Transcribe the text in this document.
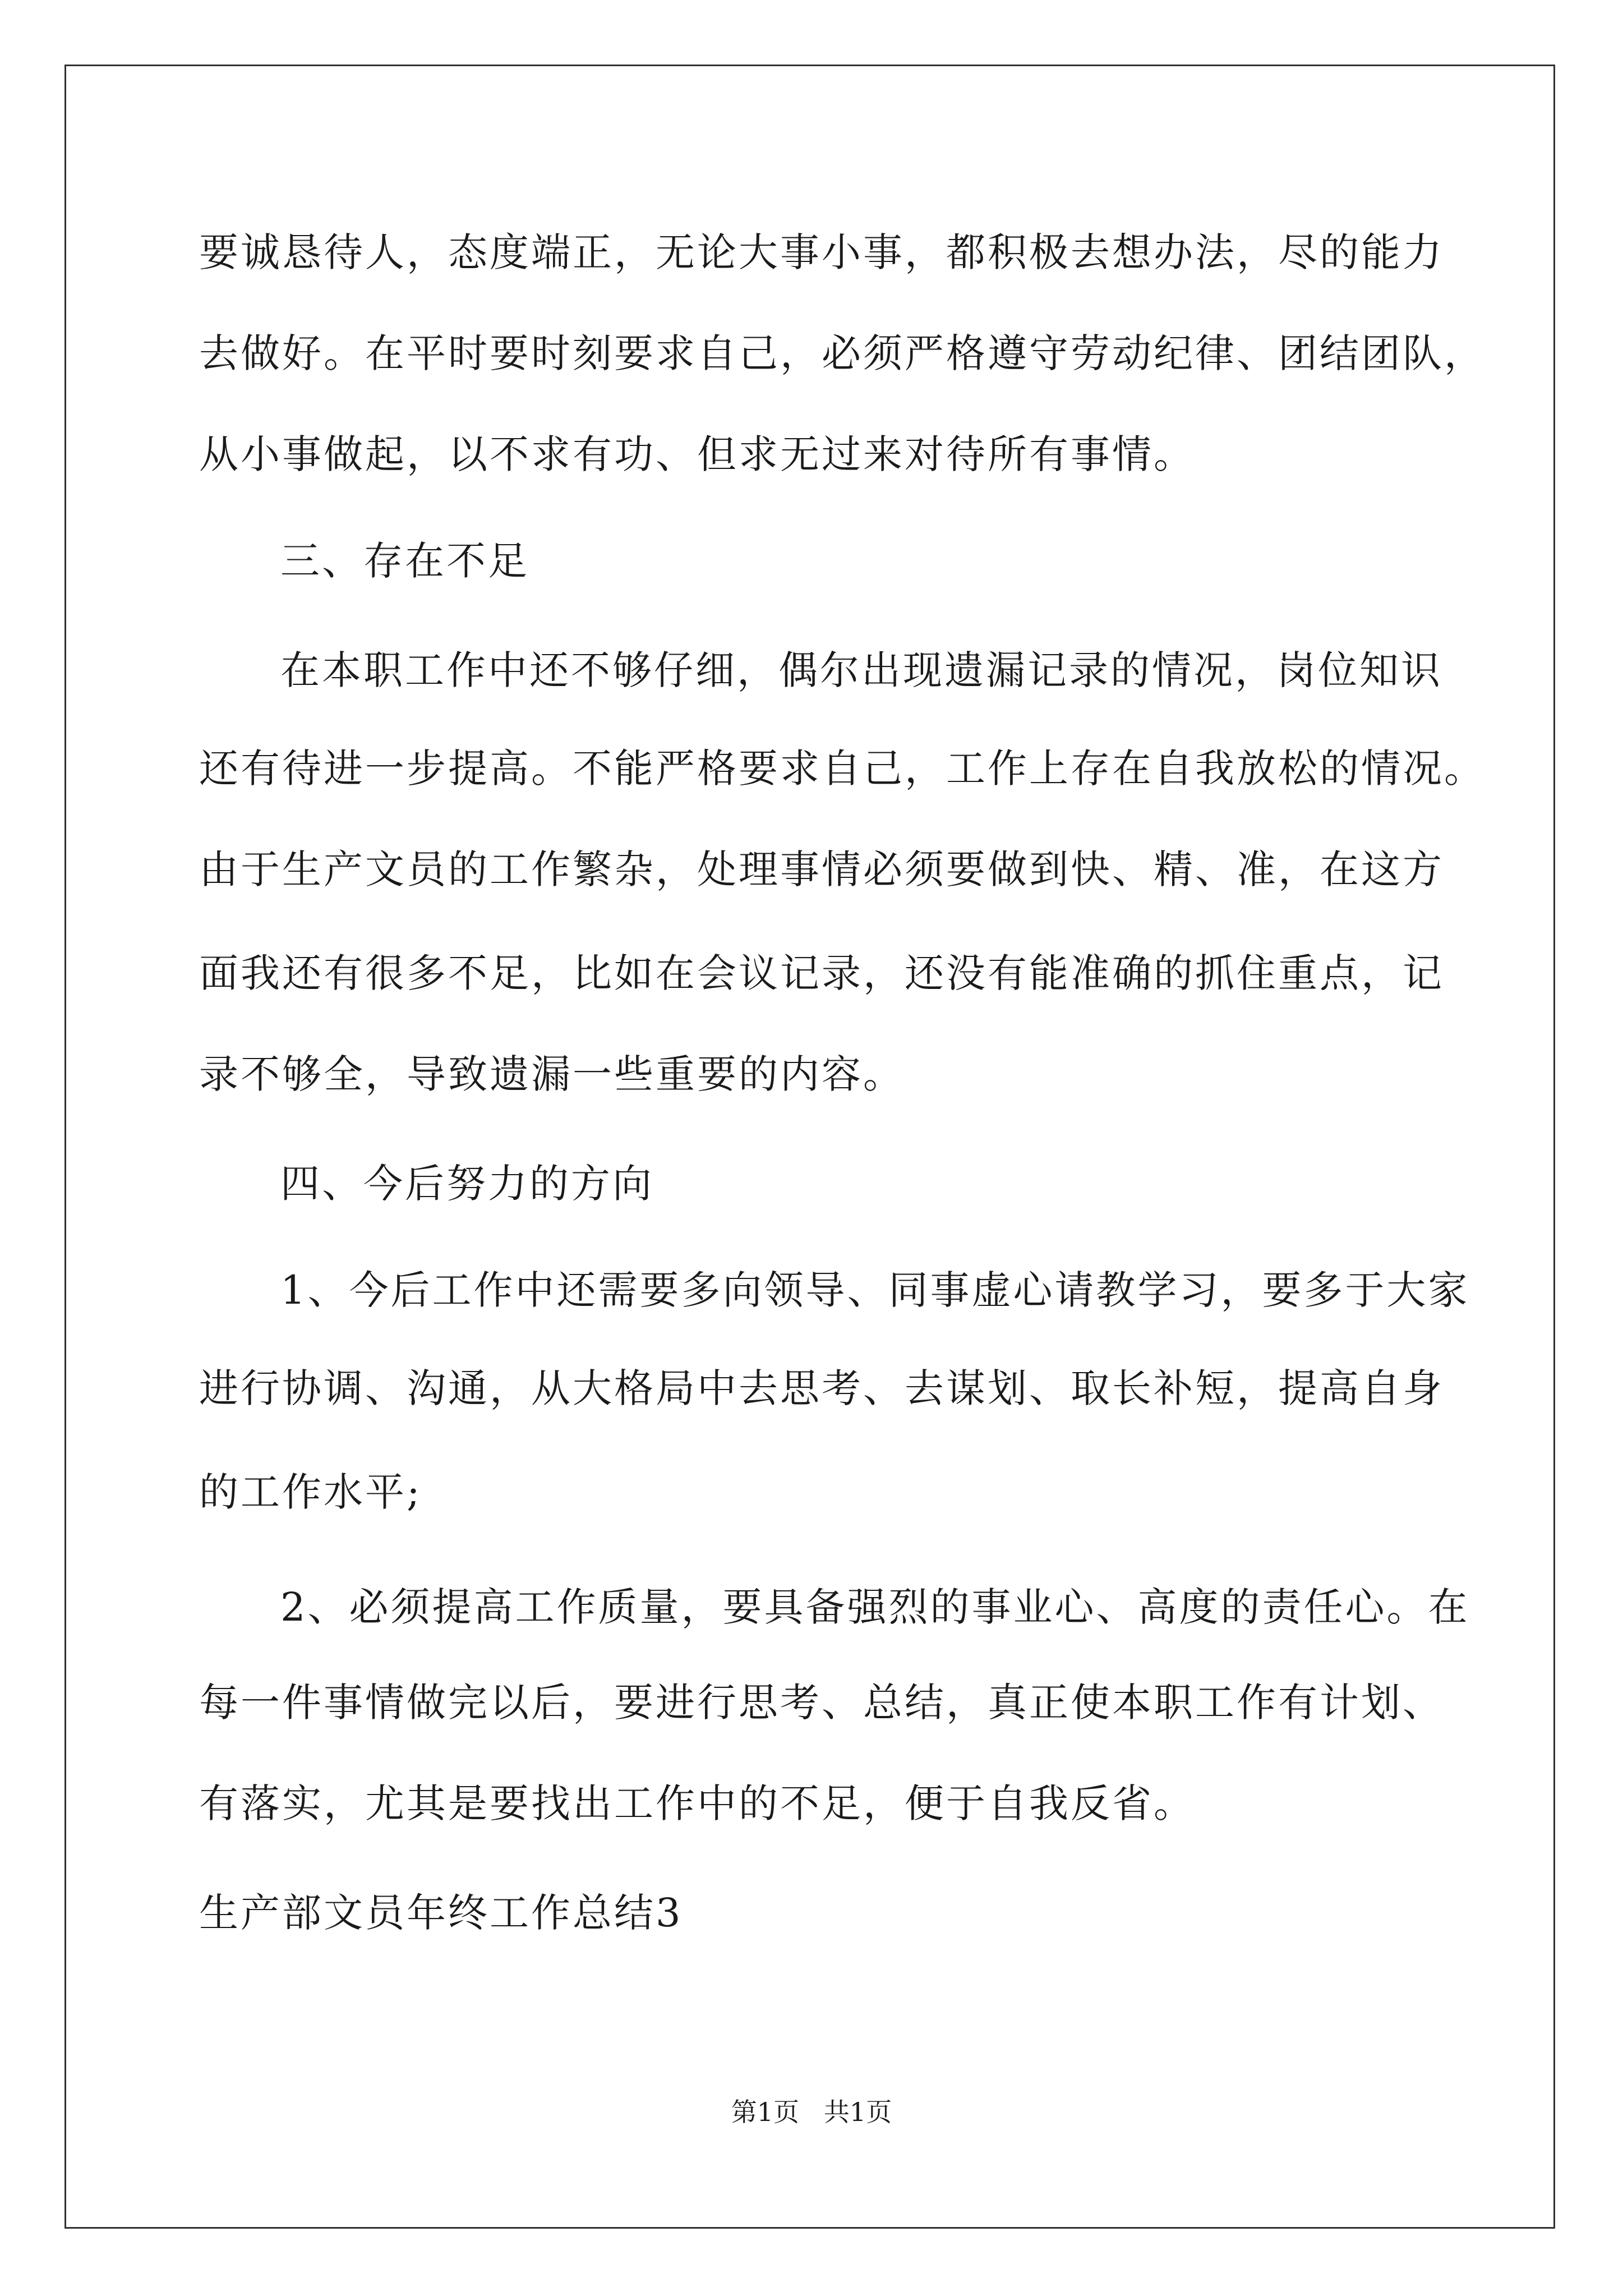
要诚恳待人，态度端正，无论大事小事，都积极去想办法，尽的能力
去做好。在平时要时刻要求自己，必须严格遵守劳动纪律、团结团队，
从小事做起，以不求有功、但求无过来对待所有事情。
三、存在不足
在本职工作中还不够仔细，偶尔出现遗漏记录的情况，岗位知识
还有待进一步提高。不能严格要求自己，工作上存在自我放松的情况。
由于生产文员的工作繁杂，处理事情必须要做到快、精、准，在这方
面我还有很多不足，比如在会议记录，还没有能准确的抓住重点，记
录不够全，导致遗漏一些重要的内容。
四、今后努力的方向
1、今后工作中还需要多向领导、同事虚心请教学习，要多于大家
进行协调、沟通，从大格局中去思考、去谋划、取长补短，提高自身
的工作水平;
2、必须提高工作质量，要具备强烈的事业心、高度的责任心。在
每一件事情做完以后，要进行思考、总结，真正使本职工作有计划、
有落实，尤其是要找出工作中的不足，便于自我反省。
生产部文员年终工作总结3
第1页   共1页
